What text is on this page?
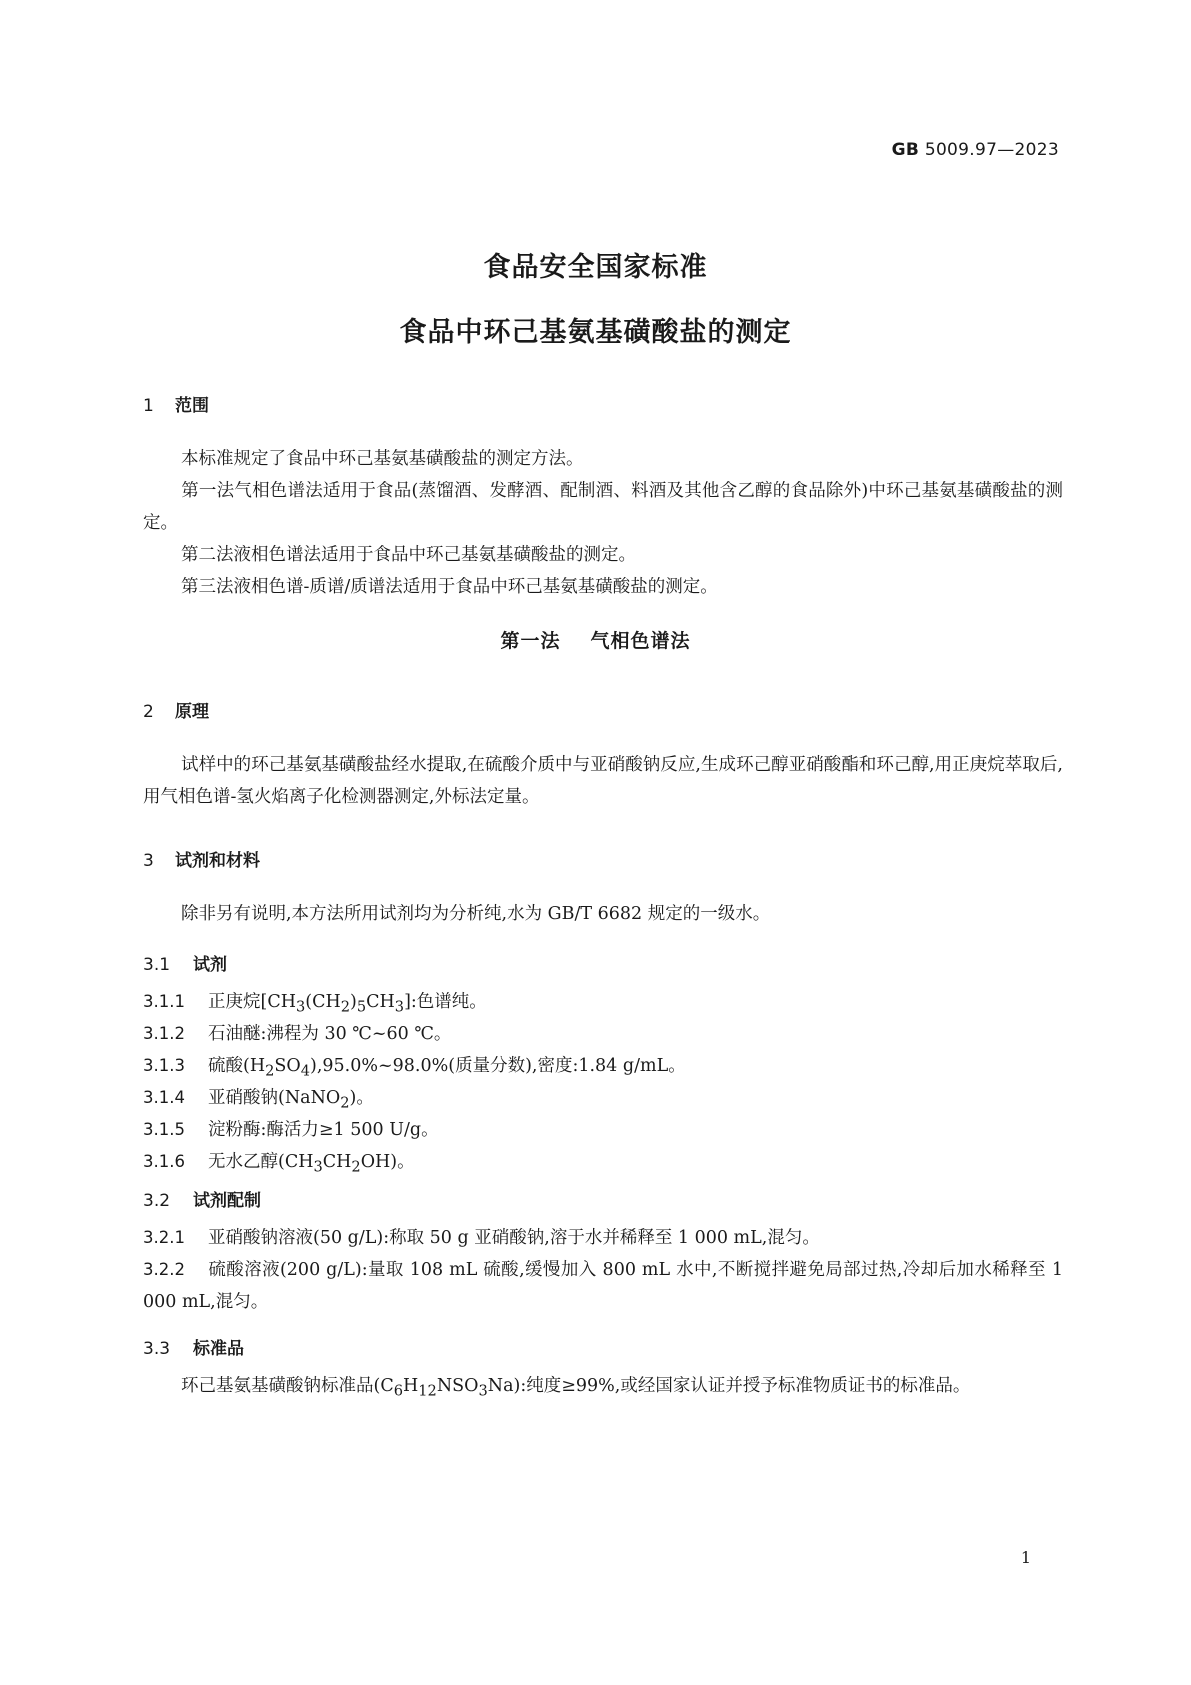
GB 5009.97—2023
食品安全国家标准
食品中环己基氨基磺酸盐的测定
1 范围

本标准规定了食品中环己基氨基磺酸盐的测定方法。

第一法气相色谱法适用于食品(蒸馏酒、发酵酒、配制酒、料酒及其他含乙醇的食品除外)中环己基氨基磺酸盐的测定。

第二法液相色谱法适用于食品中环己基氨基磺酸盐的测定。

第三法液相色谱-质谱/质谱法适用于食品中环己基氨基磺酸盐的测定。

第一法 气相色谱法
2 原理

试样中的环己基氨基磺酸盐经水提取,在硫酸介质中与亚硝酸钠反应,生成环己醇亚硝酸酯和环己醇,用正庚烷萃取后,用气相色谱-氢火焰离子化检测器测定,外标法定量。

3 试剂和材料

除非另有说明,本方法所用试剂均为分析纯,水为 GB/T 6682 规定的一级水。

3.1 试剂
3.1.1 正庚烷$[CH_3(CH_2)_5CH_3]$:色谱纯。
3.1.2 石油醚:沸程为 30 ℃~60 ℃。
3.1.3 硫酸$(H_2SO_4),95.0\%\sim 98.0\%$(质量分数),密度:1.84 g/mL。
3.1.4 亚硝酸钠(NaNO$_2$)。
3.1.5 淀粉酶:酶活力≥1 500 U/g。
3.1.6 无水乙醇$(CH_3CH_2OH)$。
3.2 试剂配制
3.2.1 亚硝酸钠溶液(50 g/L):称取 50 g 亚硝酸钠,溶于水并稀释至 1 000 mL,混匀。
3.2.2 硫酸溶液(200 g/L):量取 108 mL 硫酸,缓慢加入 800 mL 水中,不断搅拌避免局部过热,冷却后加水稀释至 1 000 mL,混匀。
3.3 标准品

环己基氨基磺酸钠标准品$(C_6H_{12}NSO_3Na)$:纯度≥99%,或经国家认证并授予标准物质证书的标准品。

1
